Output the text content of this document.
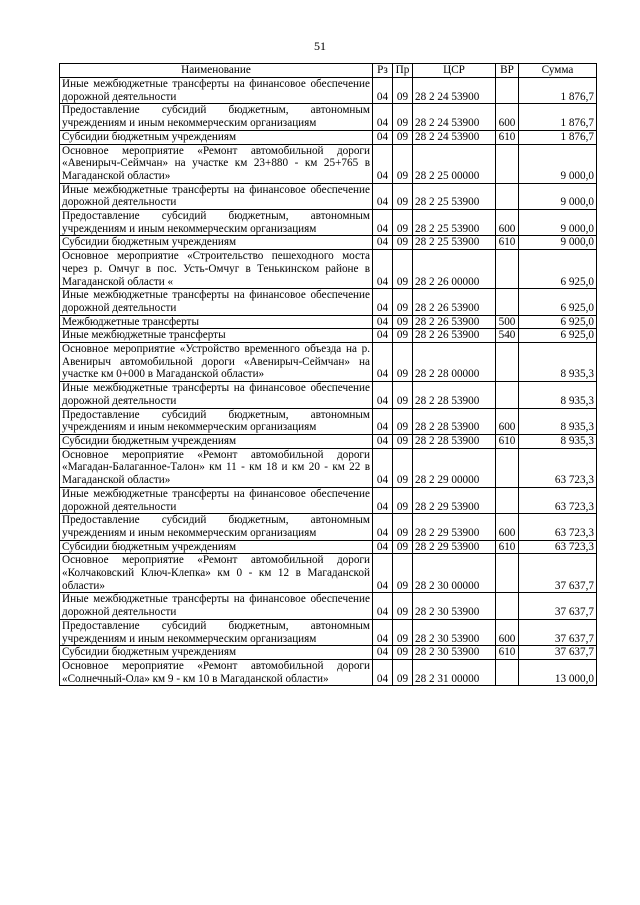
51
Наименование	Рз	Пр	ЦСР	ВР	Сумма
Иные межбюджетные трансферты на финансовое обеспечение дорожной деятельности	04	09	28 2 24 53900		1 876,7
Предоставление субсидий бюджетным, автономным учреждениям и иным некоммерческим организациям	04	09	28 2 24 53900	600	1 876,7
Субсидии бюджетным учреждениям	04	09	28 2 24 53900	610	1 876,7
Основное мероприятие «Ремонт автомобильной дороги «Авенирыч-Сеймчан» на участке км 23+880 - км 25+765 в Магаданской области»	04	09	28 2 25 00000		9 000,0
Иные межбюджетные трансферты на финансовое обеспечение дорожной деятельности	04	09	28 2 25 53900		9 000,0
Предоставление субсидий бюджетным, автономным учреждениям и иным некоммерческим организациям	04	09	28 2 25 53900	600	9 000,0
Субсидии бюджетным учреждениям	04	09	28 2 25 53900	610	9 000,0
Основное мероприятие «Строительство пешеходного моста через р. Омчуг в пос. Усть-Омчуг в Тенькинском районе в Магаданской области «	04	09	28 2 26 00000		6 925,0
Иные межбюджетные трансферты на финансовое обеспечение дорожной деятельности	04	09	28 2 26 53900		6 925,0
Межбюджетные трансферты	04	09	28 2 26 53900	500	6 925,0
Иные межбюджетные трансферты	04	09	28 2 26 53900	540	6 925,0
Основное мероприятие «Устройство временного объезда на р. Авенирыч автомобильной дороги «Авенирыч-Сеймчан» на участке км 0+000 в Магаданской области»	04	09	28 2 28 00000		8 935,3
Иные межбюджетные трансферты на финансовое обеспечение дорожной деятельности	04	09	28 2 28 53900		8 935,3
Предоставление субсидий бюджетным, автономным учреждениям и иным некоммерческим организациям	04	09	28 2 28 53900	600	8 935,3
Субсидии бюджетным учреждениям	04	09	28 2 28 53900	610	8 935,3
Основное мероприятие «Ремонт автомобильной дороги «Магадан-Балаганное-Талон» км 11 - км 18 и км 20 - км 22 в Магаданской области»	04	09	28 2 29 00000		63 723,3
Иные межбюджетные трансферты на финансовое обеспечение дорожной деятельности	04	09	28 2 29 53900		63 723,3
Предоставление субсидий бюджетным, автономным учреждениям и иным некоммерческим организациям	04	09	28 2 29 53900	600	63 723,3
Субсидии бюджетным учреждениям	04	09	28 2 29 53900	610	63 723,3
Основное мероприятие «Ремонт автомобильной дороги «Колчаковский Ключ-Клепка» км 0 - км 12 в Магаданской области»	04	09	28 2 30 00000		37 637,7
Иные межбюджетные трансферты на финансовое обеспечение дорожной деятельности	04	09	28 2 30 53900		37 637,7
Предоставление субсидий бюджетным, автономным учреждениям и иным некоммерческим организациям	04	09	28 2 30 53900	600	37 637,7
Субсидии бюджетным учреждениям	04	09	28 2 30 53900	610	37 637,7
Основное мероприятие «Ремонт автомобильной дороги «Солнечный-Ола» км 9 - км 10 в Магаданской области»	04	09	28 2 31 00000		13 000,0
